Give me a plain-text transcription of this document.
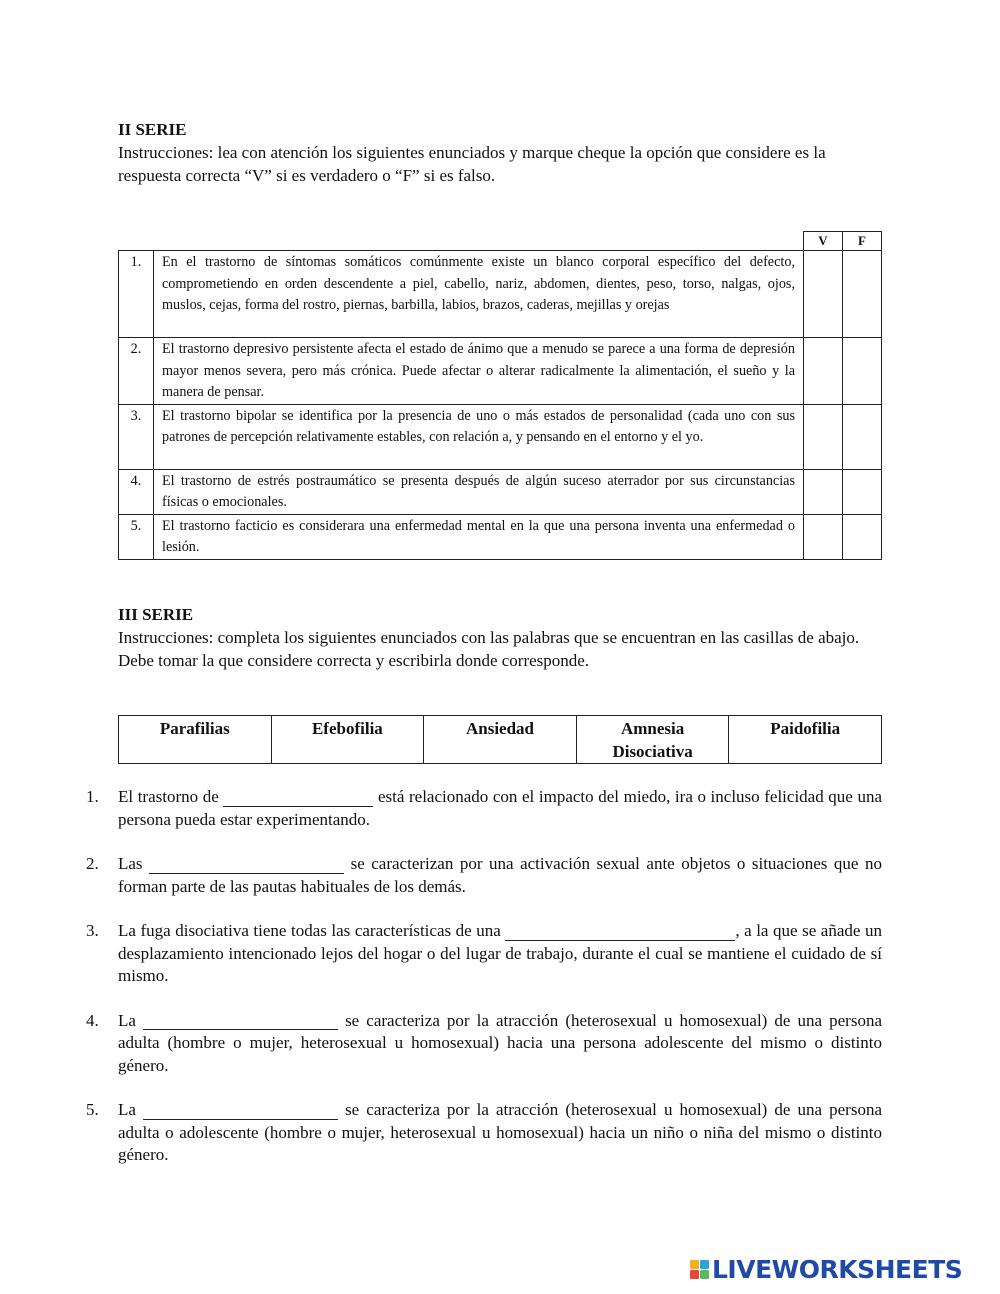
II SERIE
Instrucciones: lea con atención los siguientes enunciados y marque cheque la opción que considere es la respuesta correcta “V” si es verdadero o “F” si es falso.
		V	F
1.	En el trastorno de síntomas somáticos comúnmente existe un blanco corporal específico del defecto, comprometiendo en orden descendente a piel, cabello, nariz, abdomen, dientes, peso, torso, nalgas, ojos, muslos, cejas, forma del rostro, piernas, barbilla, labios, brazos, caderas, mejillas y orejas		
2.	El trastorno depresivo persistente afecta el estado de ánimo que a menudo se parece a una forma de depresión mayor menos severa, pero más crónica. Puede afectar o alterar radicalmente la alimentación, el sueño y la manera de pensar.		
3.	El trastorno bipolar se identifica por la presencia de uno o más estados de personalidad (cada uno con sus patrones de percepción relativamente estables, con relación a, y pensando en el entorno y el yo.		
4.	El trastorno de estrés postraumático se presenta después de algún suceso aterrador por sus circunstancias físicas o emocionales.		
5.	El trastorno facticio es considerara una enfermedad mental en la que una persona inventa una enfermedad o lesión.		
III SERIE
Instrucciones: completa los siguientes enunciados con las palabras que se encuentran en las casillas de abajo. Debe tomar la que considere correcta y escribirla donde corresponde.
Parafilias	Efebofilia	Ansiedad	Amnesia Disociativa	Paidofilia
1.	El trastorno de	está relacionado con el impacto del miedo, ira o incluso felicidad que una persona pueda estar experimentando.
2.	Las	se caracterizan por una activación sexual ante objetos o situaciones que no forman parte de las pautas habituales de los demás.
3.	La fuga disociativa tiene todas las características de una	, a la que se añade un desplazamiento intencionado lejos del hogar o del lugar de trabajo, durante el cual se mantiene el cuidado de sí mismo.
4.	La	se caracteriza por la atracción (heterosexual u homosexual) de una persona adulta (hombre o mujer, heterosexual u homosexual) hacia una persona adolescente del mismo o distinto género.
5.	La	se caracteriza por la atracción (heterosexual u homosexual) de una persona adulta o adolescente (hombre o mujer, heterosexual u homosexual) hacia un niño o niña del mismo o distinto género.
LIVEWORKSHEETS
